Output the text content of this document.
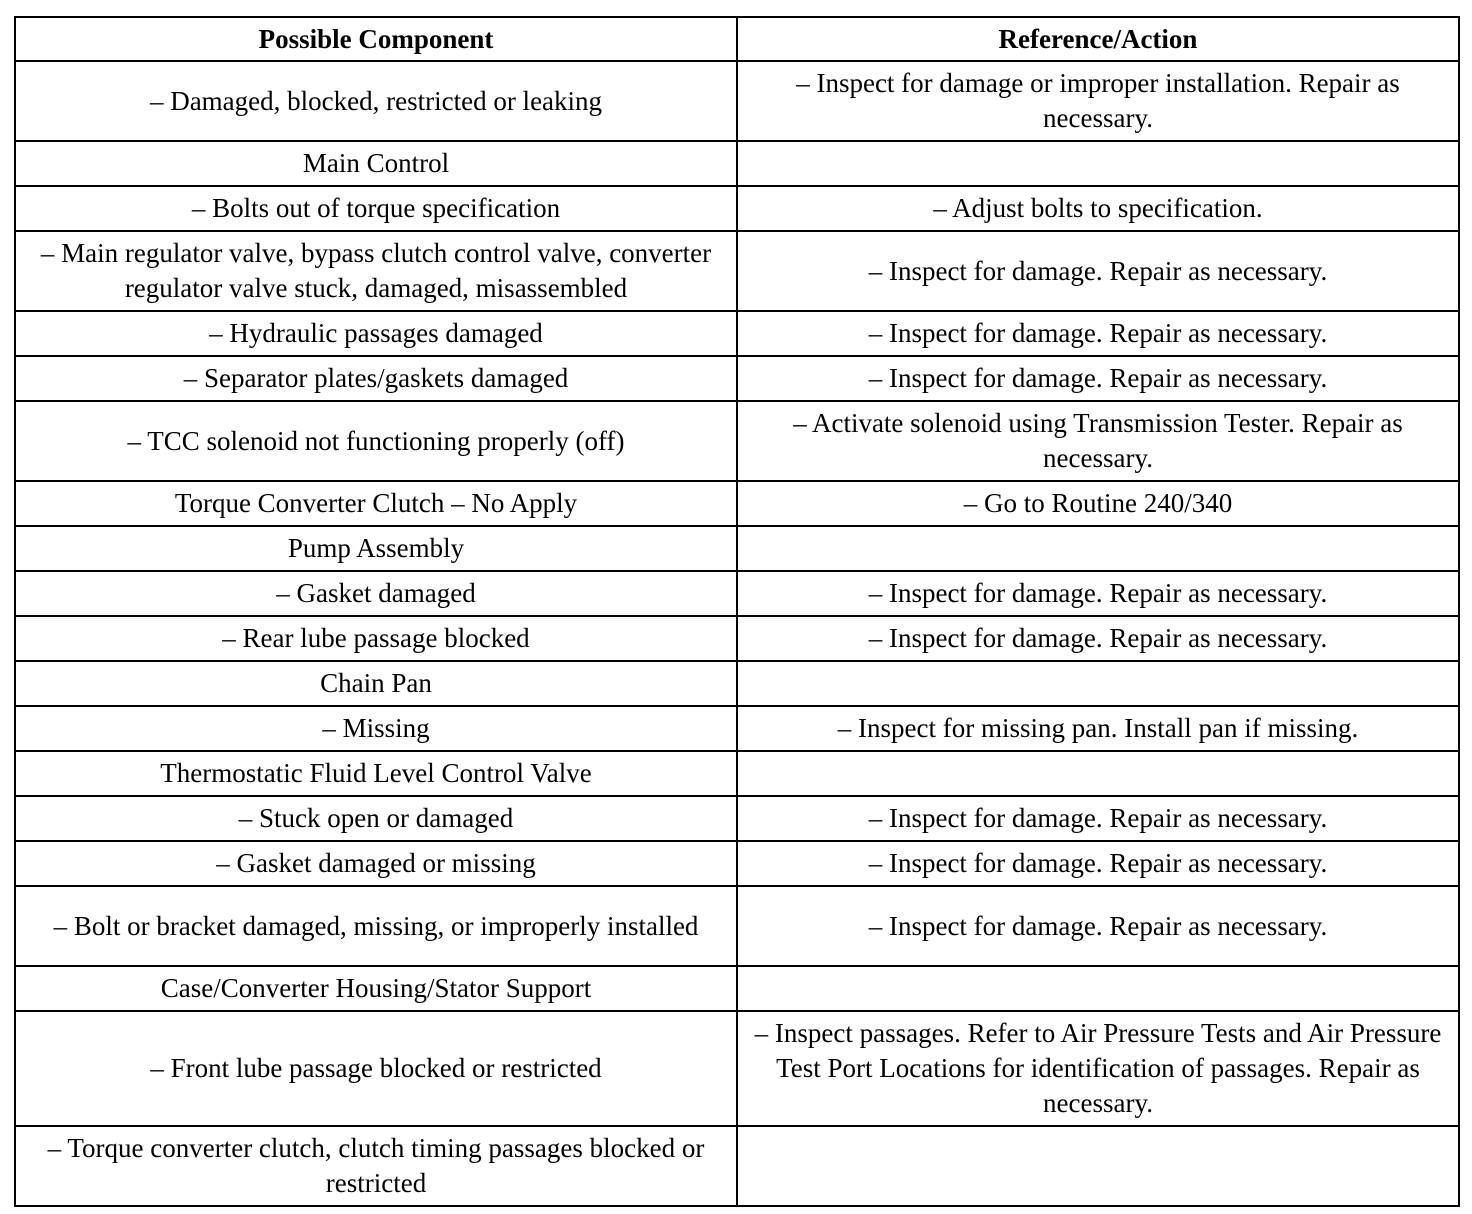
Possible Component	Reference/Action
– Damaged, blocked, restricted or leaking	– Inspect for damage or improper installation. Repair as necessary.
Main Control	
– Bolts out of torque specification	– Adjust bolts to specification.
– Main regulator valve, bypass clutch control valve, converter regulator valve stuck, damaged, misassembled	– Inspect for damage. Repair as necessary.
– Hydraulic passages damaged	– Inspect for damage. Repair as necessary.
– Separator plates/gaskets damaged	– Inspect for damage. Repair as necessary.
– TCC solenoid not functioning properly (off)	– Activate solenoid using Transmission Tester. Repair as necessary.
Torque Converter Clutch – No Apply	– Go to Routine 240/340
Pump Assembly	
– Gasket damaged	– Inspect for damage. Repair as necessary.
– Rear lube passage blocked	– Inspect for damage. Repair as necessary.
Chain Pan	
– Missing	– Inspect for missing pan. Install pan if missing.
Thermostatic Fluid Level Control Valve	
– Stuck open or damaged	– Inspect for damage. Repair as necessary.
– Gasket damaged or missing	– Inspect for damage. Repair as necessary.
– Bolt or bracket damaged, missing, or improperly installed	– Inspect for damage. Repair as necessary.
Case/Converter Housing/Stator Support	
– Front lube passage blocked or restricted	– Inspect passages. Refer to Air Pressure Tests and Air Pressure Test Port Locations for identification of passages. Repair as necessary.
– Torque converter clutch, clutch timing passages blocked or restricted	
